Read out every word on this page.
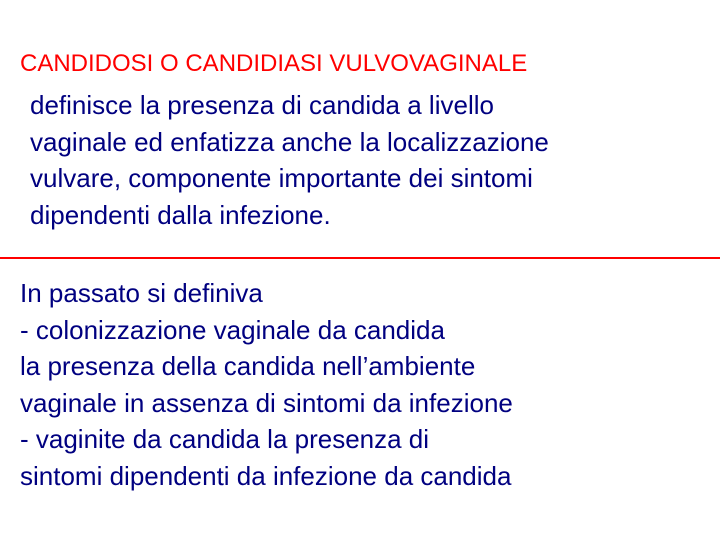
CANDIDOSI O CANDIDIASI VULVOVAGINALE
definisce la presenza di candida a livello
vaginale ed enfatizza anche la localizzazione
vulvare, componente importante dei sintomi
dipendenti dalla infezione.
In passato si definiva
- colonizzazione vaginale da candida
la presenza della candida nell’ambiente
vaginale in assenza di sintomi da infezione
- vaginite da candida la presenza di
sintomi dipendenti da infezione da candida
